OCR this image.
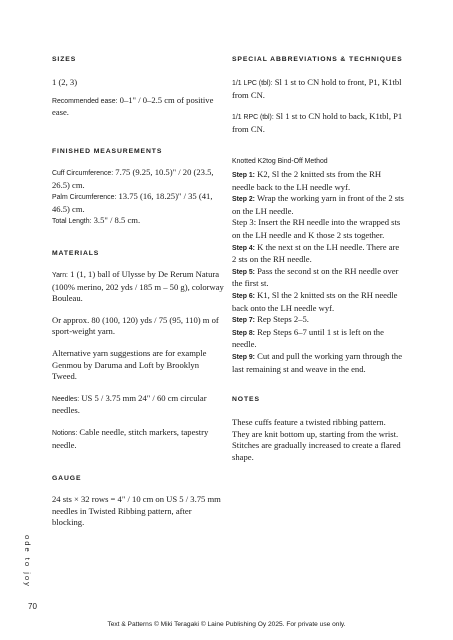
SIZES

1 (2, 3)

Recommended ease: 0–1" / 0–2.5 cm of positive ease.

FINISHED MEASUREMENTS

Cuff Circumference: 7.75 (9.25, 10.5)" / 20 (23.5, 26.5) cm.

Palm Circumference: 13.75 (16, 18.25)" / 35 (41, 46.5) cm.

Total Length: 3.5" / 8.5 cm.

MATERIALS

Yarn: 1 (1, 1) ball of Ulysse by De Rerum Natura (100% merino, 202 yds / 185 m – 50 g), colorway Bouleau.

Or approx. 80 (100, 120) yds / 75 (95, 110) m of sport-weight yarn.

Alternative yarn suggestions are for example Genmou by Daruma and Loft by Brooklyn Tweed.

Needles: US 5 / 3.75 mm 24" / 60 cm circular needles.

Notions: Cable needle, stitch markers, tapestry needle.

GAUGE

24 sts × 32 rows = 4" / 10 cm on US 5 / 3.75 mm needles in Twisted Ribbing pattern, after blocking.

SPECIAL ABBREVIATIONS & TECHNIQUES

1/1 LPC (tbl): Sl 1 st to CN hold to front, P1, K1tbl from CN.

1/1 RPC (tbl): Sl 1 st to CN hold to back, K1tbl, P1 from CN.

Knotted K2tog Bind-Off Method

Step 1: K2, Sl the 2 knitted sts from the RH needle back to the LH needle wyf.

Step 2: Wrap the working yarn in front of the 2 sts on the LH needle.

Step 3: Insert the RH needle into the wrapped sts on the LH needle and K those 2 sts together.

Step 4: K the next st on the LH needle. There are 2 sts on the RH needle.

Step 5: Pass the second st on the RH needle over the first st.

Step 6: K1, Sl the 2 knitted sts on the RH needle back onto the LH needle wyf.

Step 7: Rep Steps 2–5.

Step 8: Rep Steps 6–7 until 1 st is left on the needle.

Step 9: Cut and pull the working yarn through the last remaining st and weave in the end.

NOTES

These cuffs feature a twisted ribbing pattern. They are knit bottom up, starting from the wrist. Stitches are gradually increased to create a flared shape.

ode to joy
70
Text & Patterns © Miki Teragaki © Laine Publishing Oy 2025. For private use only.
